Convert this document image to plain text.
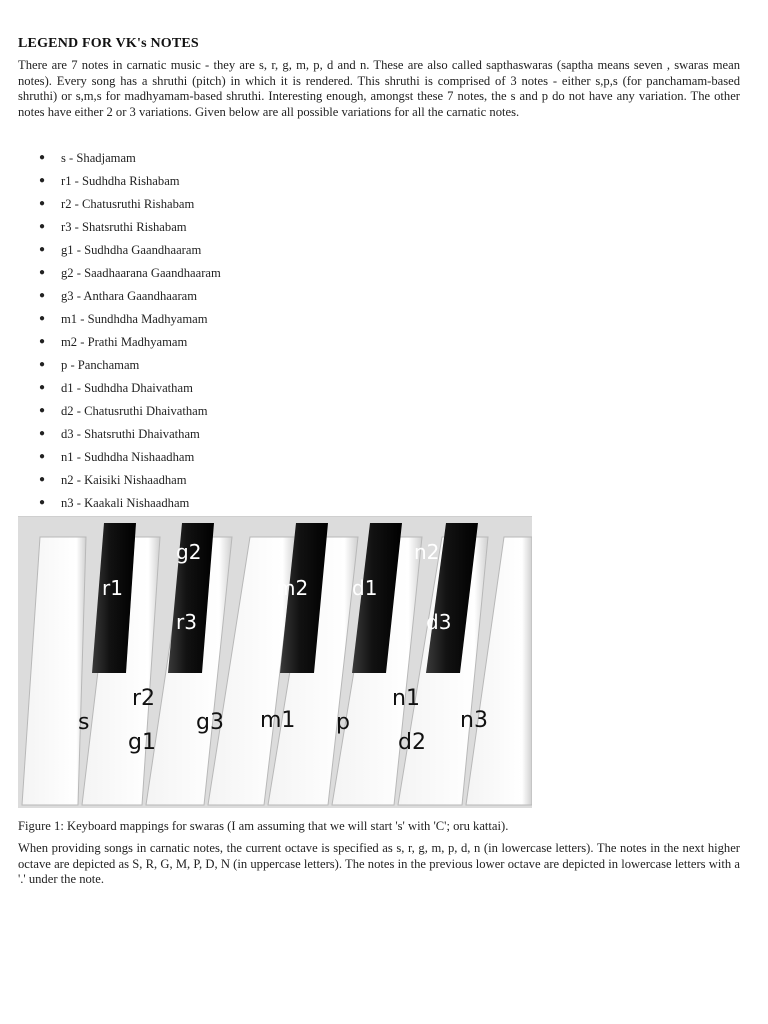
LEGEND FOR VK's NOTES

There are 7 notes in carnatic music - they are s, r, g, m, p, d and n. These are also called sapthaswaras (saptha means seven , swaras mean notes). Every song has a shruthi (pitch) in which it is rendered. This shruthi is comprised of 3 notes - either s,p,s (for panchamam-based shruthi) or s,m,s for madhyamam-based shruthi. Interesting enough, amongst these 7 notes, the s and p do not have any variation. The other notes have either 2 or 3 variations. Given below are all possible variations for all the carnatic notes.

● s - Shadjamam
● r1 - Sudhdha Rishabam
● r2 - Chatusruthi Rishabam
● r3 - Shatsruthi Rishabam
● g1 - Sudhdha Gaandhaaram
● g2 - Saadhaarana Gaandhaaram
● g3 - Anthara Gaandhaaram
● m1 - Sundhdha Madhyamam
● m2 - Prathi Madhyamam
● p - Panchamam
● d1 - Sudhdha Dhaivatham
● d2 - Chatusruthi Dhaivatham
● d3 - Shatsruthi Dhaivatham
● n1 - Sudhdha Nishaadham
● n2 - Kaisiki Nishaadham
● n3 - Kaakali Nishaadham
s
r2
g1
g3 m1 p
n1
d2
n3
r1
g2
r3
m2 d1
n2
d3

Figure 1: Keyboard mappings for swaras (I am assuming that we will start 's' with 'C'; oru kattai).

When providing songs in carnatic notes, the current octave is specified as s, r, g, m, p, d, n (in lowercase letters). The notes in the next higher octave are depicted as S, R, G, M, P, D, N (in uppercase letters). The notes in the previous lower octave are depicted in lowercase letters with a '.' under the note.
